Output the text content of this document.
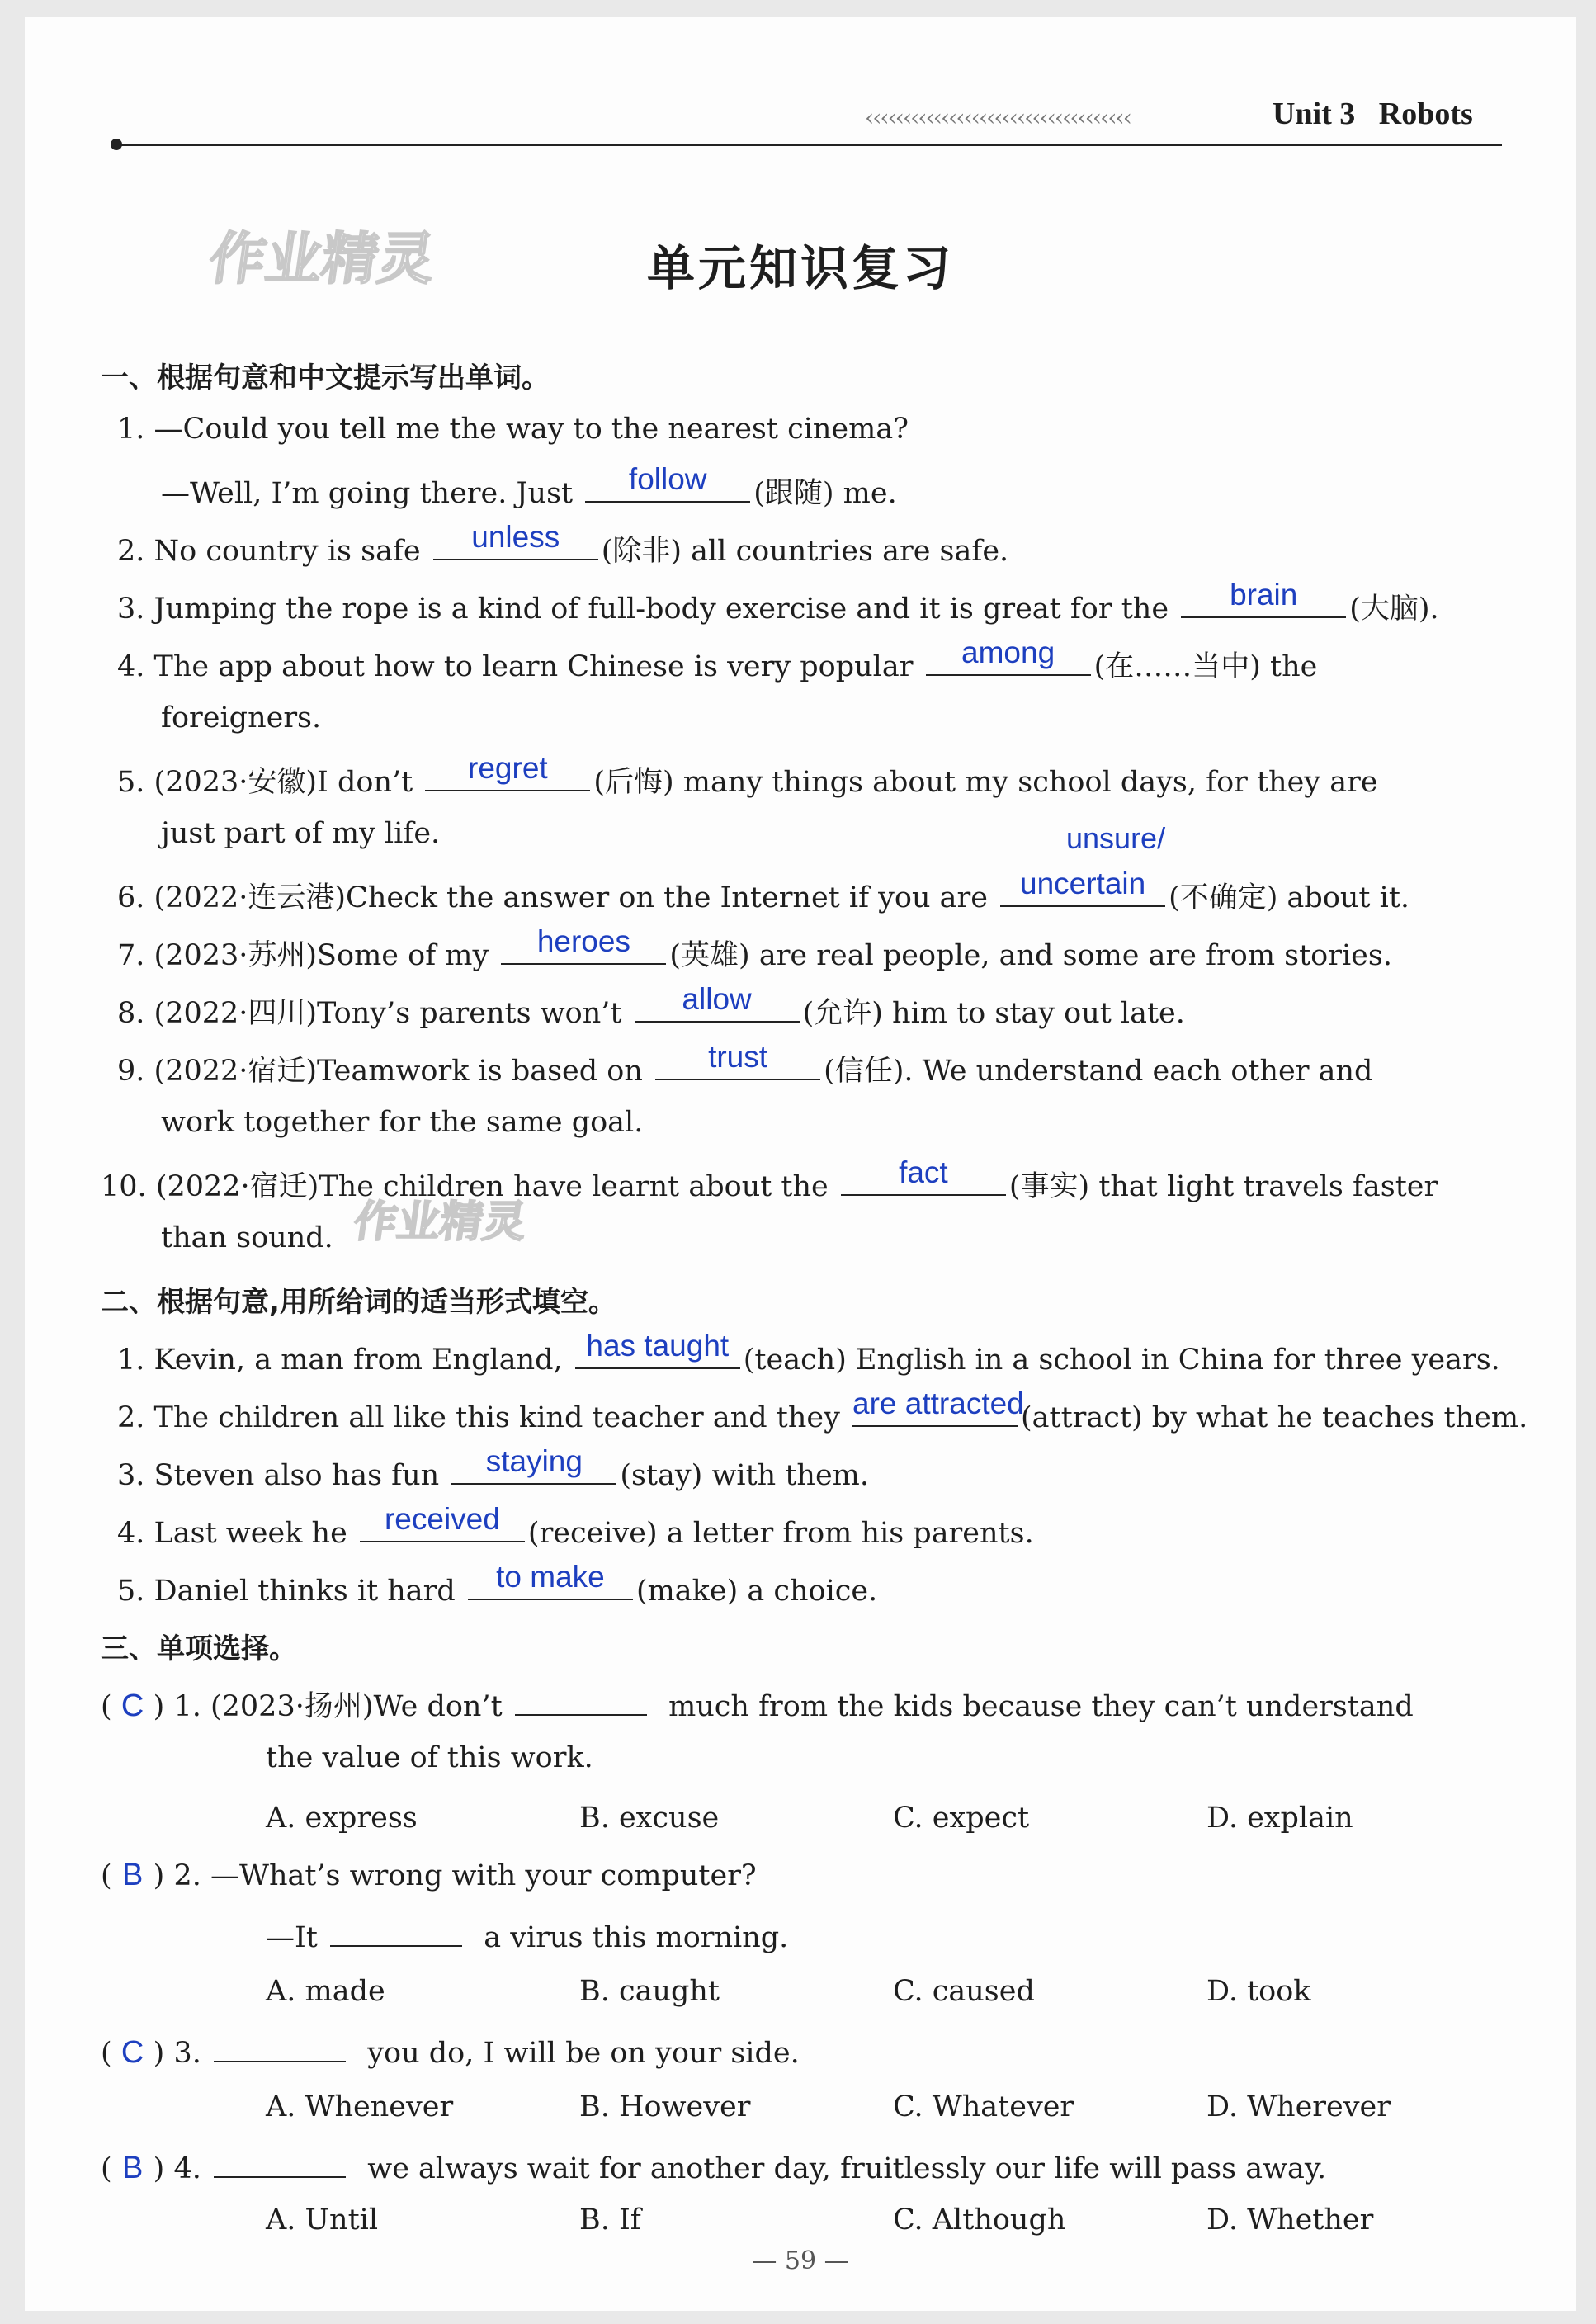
‹‹‹‹‹‹‹‹‹‹‹‹‹‹‹‹‹‹‹‹‹‹‹‹‹‹‹‹‹‹‹‹‹‹‹	Unit 3 Robots
作业精灵
作业精灵
单元知识复习
一、根据句意和中文提示写出单词。
1. —Could you tell me the way to the nearest cinema?
—Well, I’m going there. Just	follow	(跟随) me.
2. No country is safe	unless	(除非) all countries are safe.
3. Jumping the rope is a kind of full-body exercise and it is great for the	brain	(大脑).
4. The app about how to learn Chinese is very popular	among	(在……当中) the
foreigners.
5. (2023·安徽)I don’t	regret	(后悔) many things about my school days, for they are
just part of my life.	unsure/
6. (2022·连云港)Check the answer on the Internet if you are	uncertain (不确定) about it.
7. (2023·苏州)Some of my	heroes	(英雄) are real people, and some are from stories.
8. (2022·四川)Tony’s parents won’t	allow	(允许) him to stay out late.
9. (2022·宿迁)Teamwork is based on	trust	(信任). We understand each other and
work together for the same goal.
10. (2022·宿迁)The children have learnt about the	fact	(事实) that light travels faster
than sound.
二、根据句意,用所给词的适当形式填空。
1. Kevin, a man from England, has taught (teach) English in a school in China for three years.
2. The children all like this kind teacher and they are attracted
(attract) by what he teaches them.
3. Steven also has fun	staying	(stay) with them.
4. Last week he	received (receive) a letter from his parents.
5. Daniel thinks it hard	to make	(make) a choice.
三、单项选择。
( C ) 1. (2023·扬州)We don’t	much from the kids because they can’t understand
the value of this work.
A. express	B. excuse	C. expect	D. explain
( B ) 2. —What’s wrong with your computer?
—It	a virus this morning.
A. made	B. caught	C. caused	D. took
( C ) 3.	you do, I will be on your side.
A. Whenever	B. However	C. Whatever	D. Wherever
( B ) 4.	we always wait for another day, fruitlessly our life will pass away.
A. Until	B. If	C. Although	D. Whether
— 59 —
